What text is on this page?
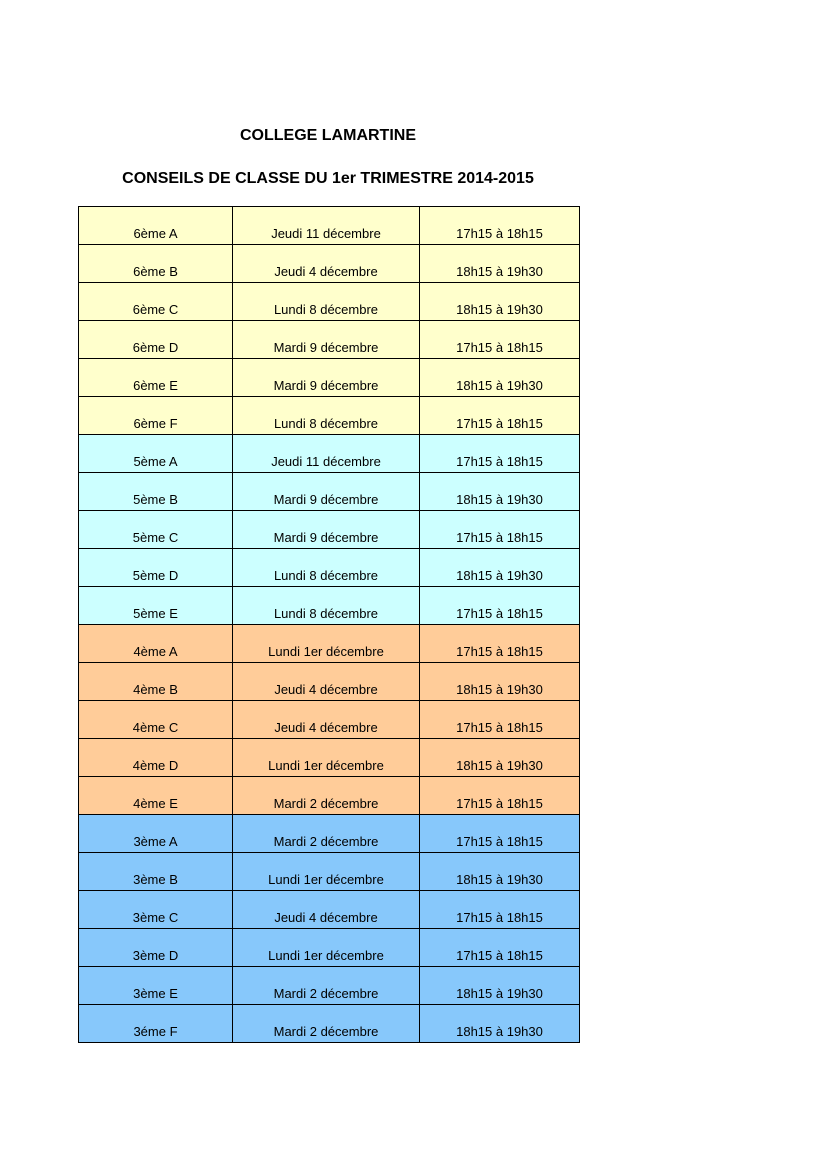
COLLEGE LAMARTINE
CONSEILS DE CLASSE DU 1er TRIMESTRE 2014-2015
6ème A	Jeudi 11 décembre	17h15 à 18h15
6ème B	Jeudi 4 décembre	18h15 à 19h30
6ème C	Lundi 8 décembre	18h15 à 19h30
6ème D	Mardi 9 décembre	17h15 à 18h15
6ème E	Mardi 9 décembre	18h15 à 19h30
6ème F	Lundi 8 décembre	17h15 à 18h15
5ème A	Jeudi 11 décembre	17h15 à 18h15
5ème B	Mardi 9 décembre	18h15 à 19h30
5ème C	Mardi 9 décembre	17h15 à 18h15
5ème D	Lundi 8 décembre	18h15 à 19h30
5ème E	Lundi 8 décembre	17h15 à 18h15
4ème A	Lundi 1er décembre	17h15 à 18h15
4ème B	Jeudi 4 décembre	18h15 à 19h30
4ème C	Jeudi 4 décembre	17h15 à 18h15
4ème D	Lundi 1er décembre	18h15 à 19h30
4ème E	Mardi 2 décembre	17h15 à 18h15
3ème A	Mardi 2 décembre	17h15 à 18h15
3ème B	Lundi 1er décembre	18h15 à 19h30
3ème C	Jeudi 4 décembre	17h15 à 18h15
3ème D	Lundi 1er décembre	17h15 à 18h15
3ème E	Mardi 2 décembre	18h15 à 19h30
3éme F	Mardi 2 décembre	18h15 à 19h30
